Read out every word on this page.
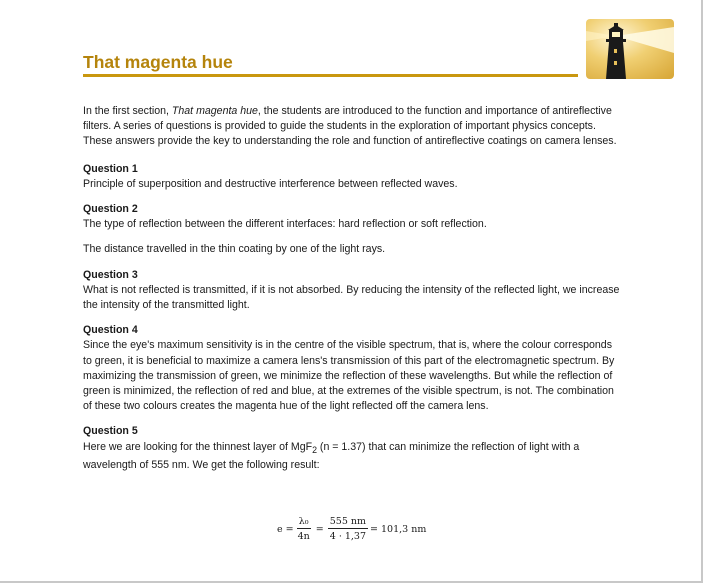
That magenta hue

In the first section, That magenta hue, the students are introduced to the function and importance of antireflective filters. A series of questions is provided to guide the students in the exploration of important physics concepts. These answers provide the key to understanding the role and function of antireflective coatings on camera lenses.

Question 1

Principle of superposition and destructive interference between reflected waves.

Question 2

The type of reflection between the different interfaces: hard reflection or soft reflection.

The distance travelled in the thin coating by one of the light rays.

Question 3

What is not reflected is transmitted, if it is not absorbed. By reducing the intensity of the reflected light, we increase the intensity of the transmitted light.

Question 4

Since the eye's maximum sensitivity is in the centre of the visible spectrum, that is, where the colour corresponds to green, it is beneficial to maximize a camera lens's transmission of this part of the electromagnetic spectrum. By maximizing the transmission of green, we minimize the reflection of these wavelengths. But while the reflection of green is minimized, the reflection of red and blue, at the extremes of the visible spectrum, is not. The combination of these two colours creates the magenta hue of the light reflected off the camera lens.

Question 5

Here we are looking for the thinnest layer of MgF$_2$ (n = 1.37) that can minimize the reflection of light with a wavelength of 555 nm. We get the following result:

$e = \frac{\text{λ₀}}{4n} = \frac{555 nm}{4 \cdot 1,37} = 101,3$ nm
